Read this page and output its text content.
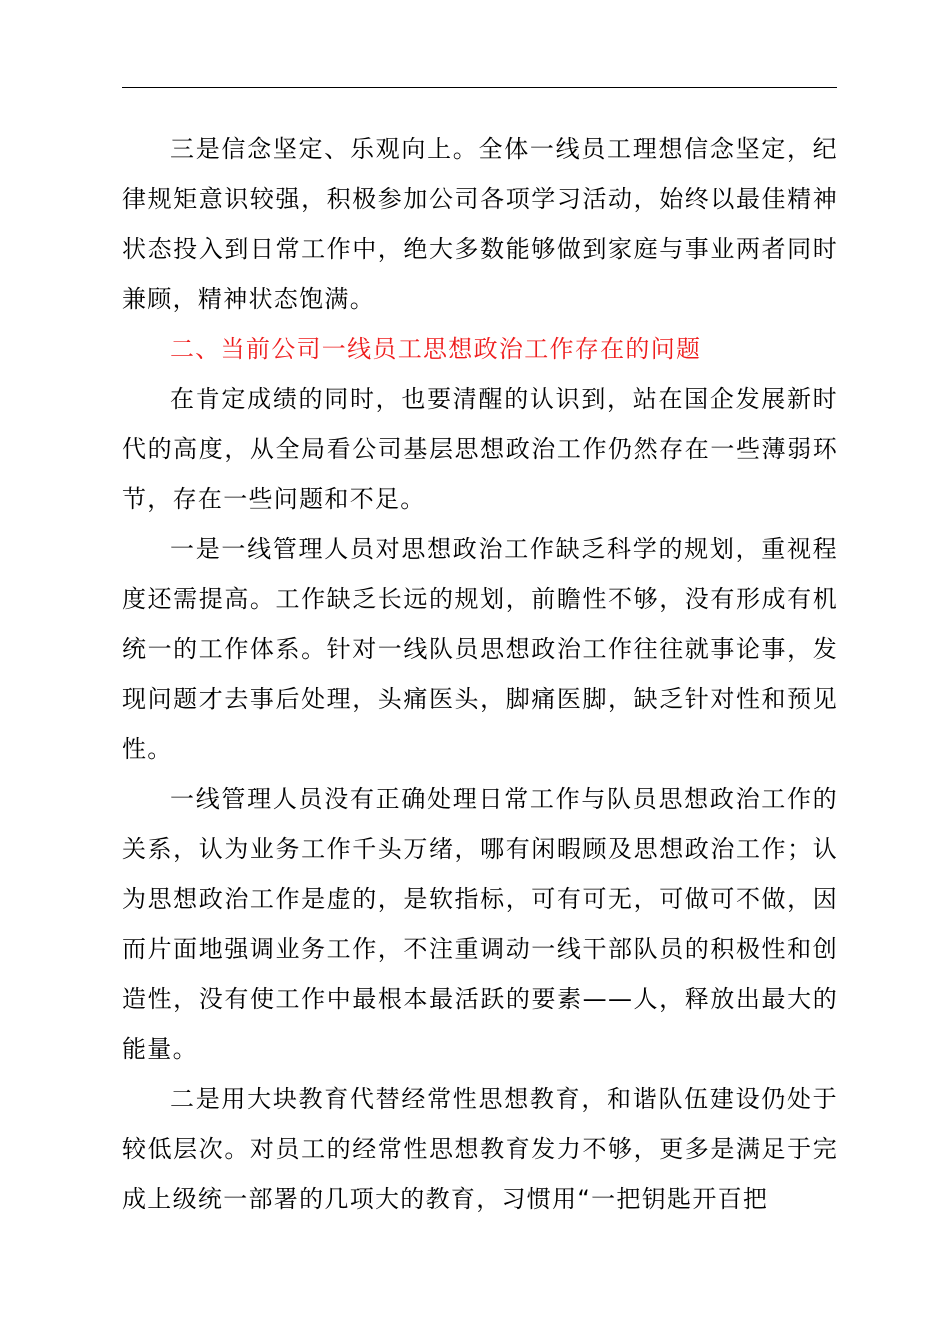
三是信念坚定、乐观向上。全体一线员工理想信念坚定，纪律规矩意识较强，积极参加公司各项学习活动，始终以最佳精神状态投入到日常工作中，绝大多数能够做到家庭与事业两者同时兼顾，精神状态饱满。

二、当前公司一线员工思想政治工作存在的问题

在肯定成绩的同时，也要清醒的认识到，站在国企发展新时代的高度，从全局看公司基层思想政治工作仍然存在一些薄弱环节，存在一些问题和不足。

一是一线管理人员对思想政治工作缺乏科学的规划，重视程度还需提高。工作缺乏长远的规划，前瞻性不够，没有形成有机统一的工作体系。针对一线队员思想政治工作往往就事论事，发现问题才去事后处理，头痛医头，脚痛医脚，缺乏针对性和预见性。

一线管理人员没有正确处理日常工作与队员思想政治工作的关系，认为业务工作千头万绪，哪有闲暇顾及思想政治工作；认为思想政治工作是虚的，是软指标，可有可无，可做可不做，因而片面地强调业务工作，不注重调动一线干部队员的积极性和创造性，没有使工作中最根本最活跃的要素——人，释放出最大的能量。

二是用大块教育代替经常性思想教育，和谐队伍建设仍处于较低层次。对员工的经常性思想教育发力不够，更多是满足于完成上级统一部署的几项大的教育，习惯用“一把钥匙开百把
